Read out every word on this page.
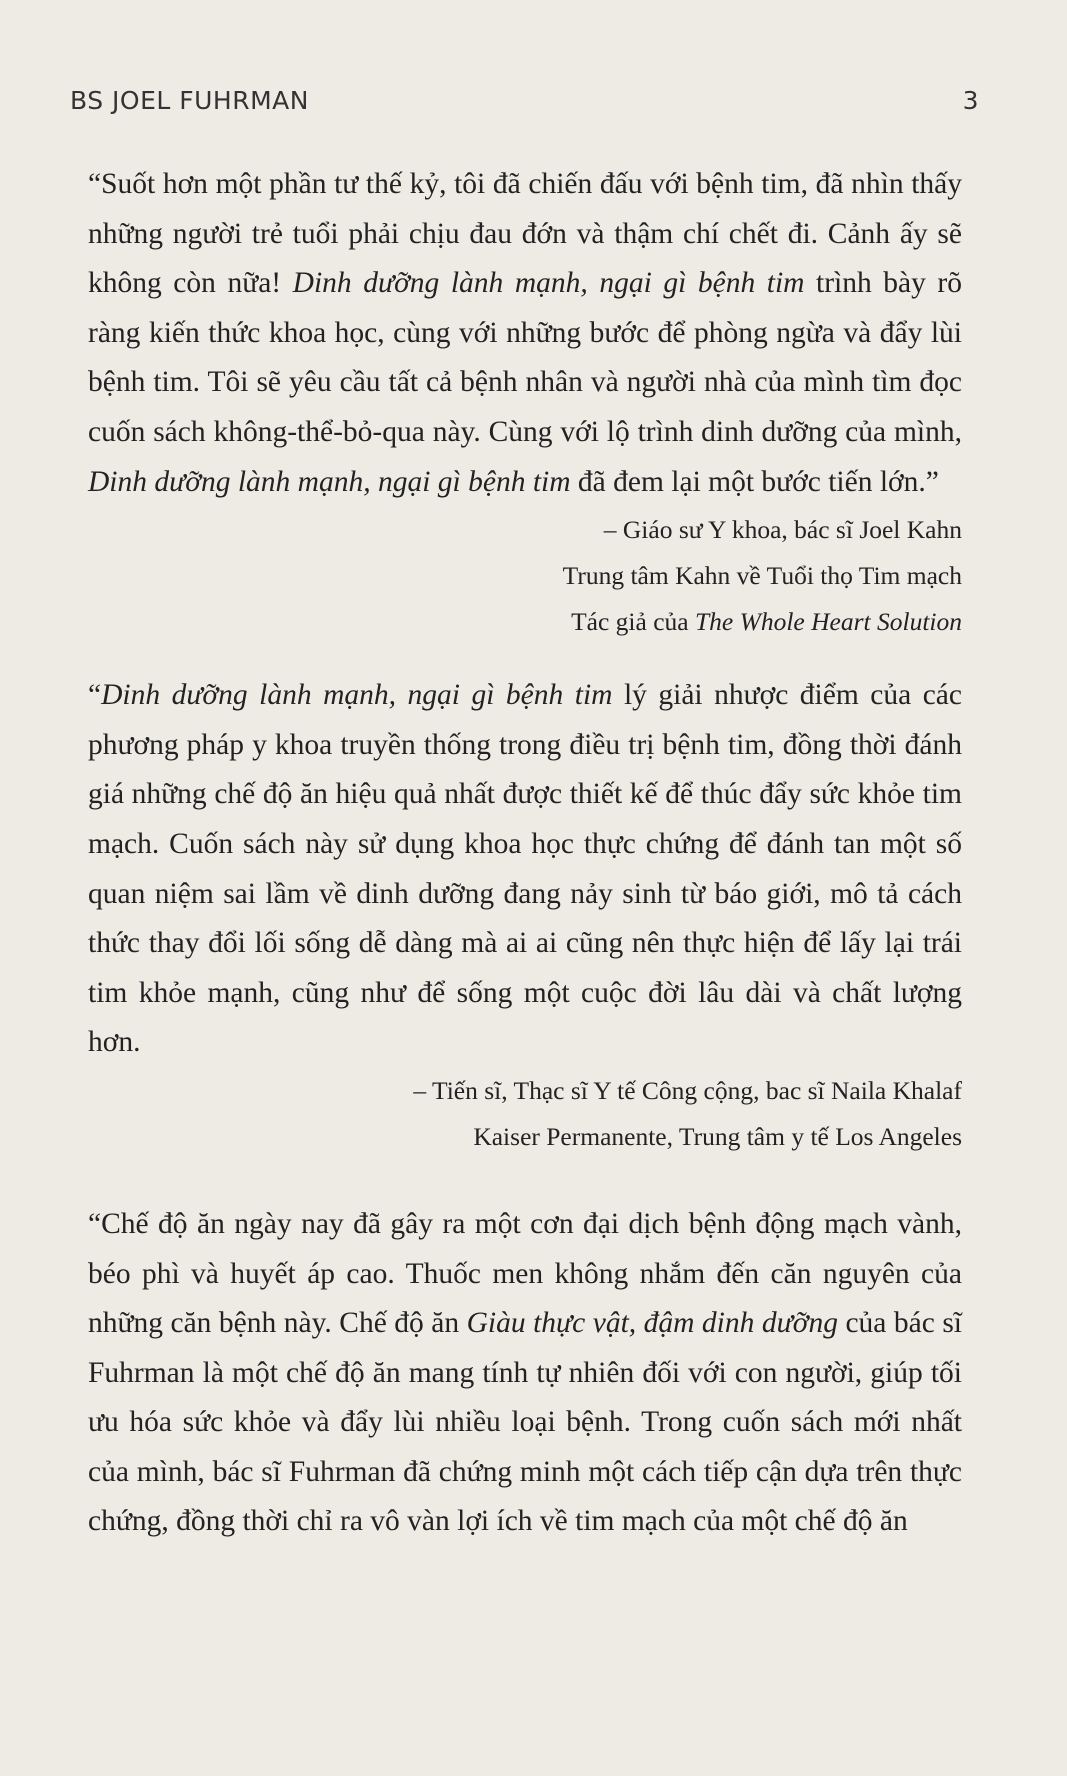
BS JOEL FUHRMAN	3

“Suốt hơn một phần tư thế kỷ, tôi đã chiến đấu với bệnh tim, đã nhìn thấy những người trẻ tuổi phải chịu đau đớn và thậm chí chết đi. Cảnh ấy sẽ không còn nữa! Dinh dưỡng lành mạnh, ngại gì bệnh tim trình bày rõ ràng kiến thức khoa học, cùng với những bước để phòng ngừa và đẩy lùi bệnh tim. Tôi sẽ yêu cầu tất cả bệnh nhân và người nhà của mình tìm đọc cuốn sách không-thể-bỏ-qua này. Cùng với lộ trình dinh dưỡng của mình, Dinh dưỡng lành mạnh, ngại gì bệnh tim đã đem lại một bước tiến lớn.”

– Giáo sư Y khoa, bác sĩ Joel Kahn

Trung tâm Kahn về Tuổi thọ Tim mạch

Tác giả của The Whole Heart Solution

“Dinh dưỡng lành mạnh, ngại gì bệnh tim lý giải nhược điểm của các phương pháp y khoa truyền thống trong điều trị bệnh tim, đồng thời đánh giá những chế độ ăn hiệu quả nhất được thiết kế để thúc đẩy sức khỏe tim mạch. Cuốn sách này sử dụng khoa học thực chứng để đánh tan một số quan niệm sai lầm về dinh dưỡng đang nảy sinh từ báo giới, mô tả cách thức thay đổi lối sống dễ dàng mà ai ai cũng nên thực hiện để lấy lại trái tim khỏe mạnh, cũng như để sống một cuộc đời lâu dài và chất lượng hơn.

– Tiến sĩ, Thạc sĩ Y tế Công cộng, bac sĩ Naila Khalaf

Kaiser Permanente, Trung tâm y tế Los Angeles

“Chế độ ăn ngày nay đã gây ra một cơn đại dịch bệnh động mạch vành, béo phì và huyết áp cao. Thuốc men không nhắm đến căn nguyên của những căn bệnh này. Chế độ ăn Giàu thực vật, đậm dinh dưỡng của bác sĩ Fuhrman là một chế độ ăn mang tính tự nhiên đối với con người, giúp tối ưu hóa sức khỏe và đẩy lùi nhiều loại bệnh. Trong cuốn sách mới nhất của mình, bác sĩ Fuhrman đã chứng minh một cách tiếp cận dựa trên thực chứng, đồng thời chỉ ra vô vàn lợi ích về tim mạch của một chế độ ăn
